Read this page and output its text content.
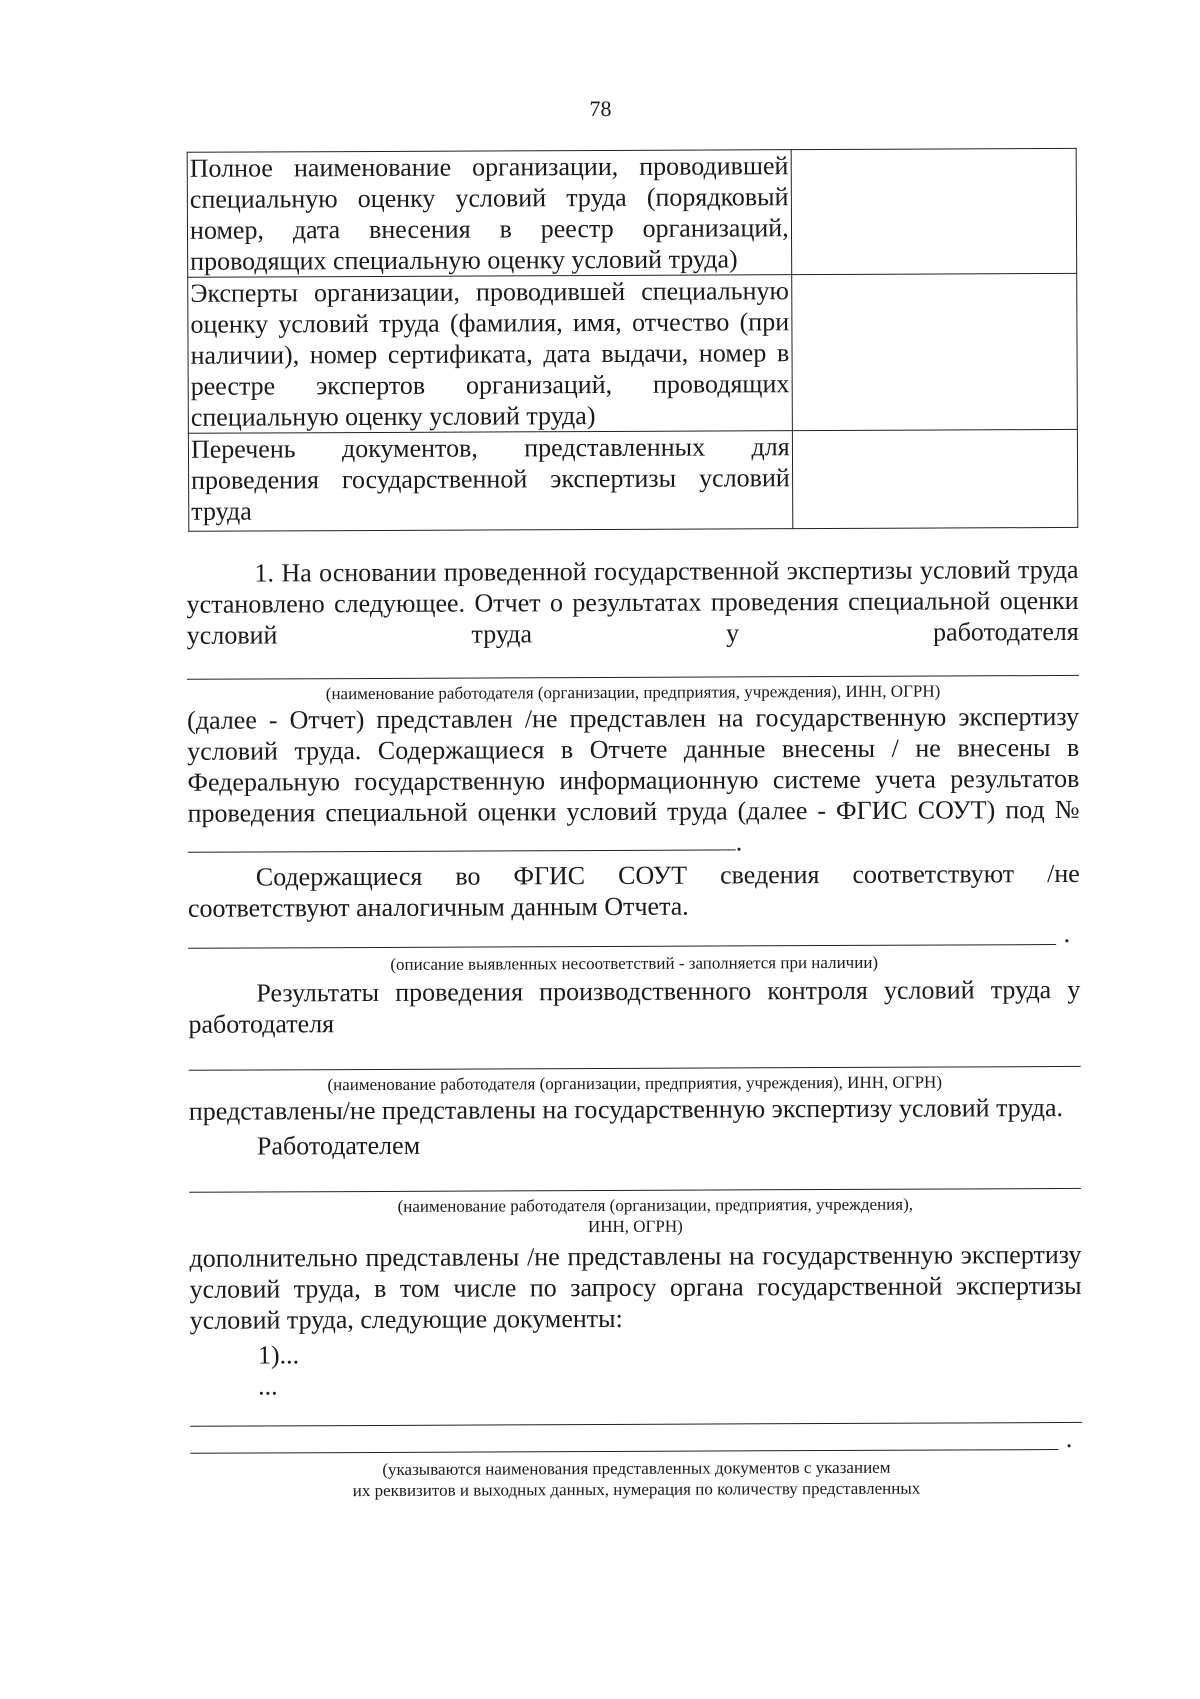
78
Полное наименование организации, проводившей специальную оценку условий труда (порядковый номер, дата внесения в реестр организаций, проводящих специальную оценку условий труда)	
Эксперты организации, проводившей специальную оценку условий труда (фамилия, имя, отчество (при наличии), номер сертификата, дата выдачи, номер в реестре экспертов организаций, проводящих специальную оценку условий труда)	
Перечень документов, представленных для проведения государственной экспертизы условий труда	

1. На основании проведенной государственной экспертизы условий труда установлено следующее. Отчет о результатах проведения специальной оценки условий труда у работодателя

(наименование работодателя (организации, предприятия, учреждения), ИНН, ОГРН)

(далее - Отчет) представлен /не представлен на государственную экспертизу условий труда. Содержащиеся в Отчете данные внесены / не внесены в Федеральную государственную информационную системе учета результатов проведения специальной оценки условий труда (далее - ФГИС СОУТ) под №.

Содержащиеся во ФГИС СОУТ сведения соответствуют /не соответствуют аналогичным данным Отчета.

.
(описание выявленных несоответствий - заполняется при наличии)

Результаты проведения производственного контроля условий труда у работодателя

(наименование работодателя (организации, предприятия, учреждения), ИНН, ОГРН)

представлены/не представлены на государственную экспертизу условий труда.

Работодателем

(наименование работодателя (организации, предприятия, учреждения),
ИНН, ОГРН)

дополнительно представлены /не представлены на государственную экспертизу условий труда, в том числе по запросу органа государственной экспертизы условий труда, следующие документы:

1)...

...

.
(указываются наименования представленных документов с указанием
их реквизитов и выходных данных, нумерация по количеству представленных
